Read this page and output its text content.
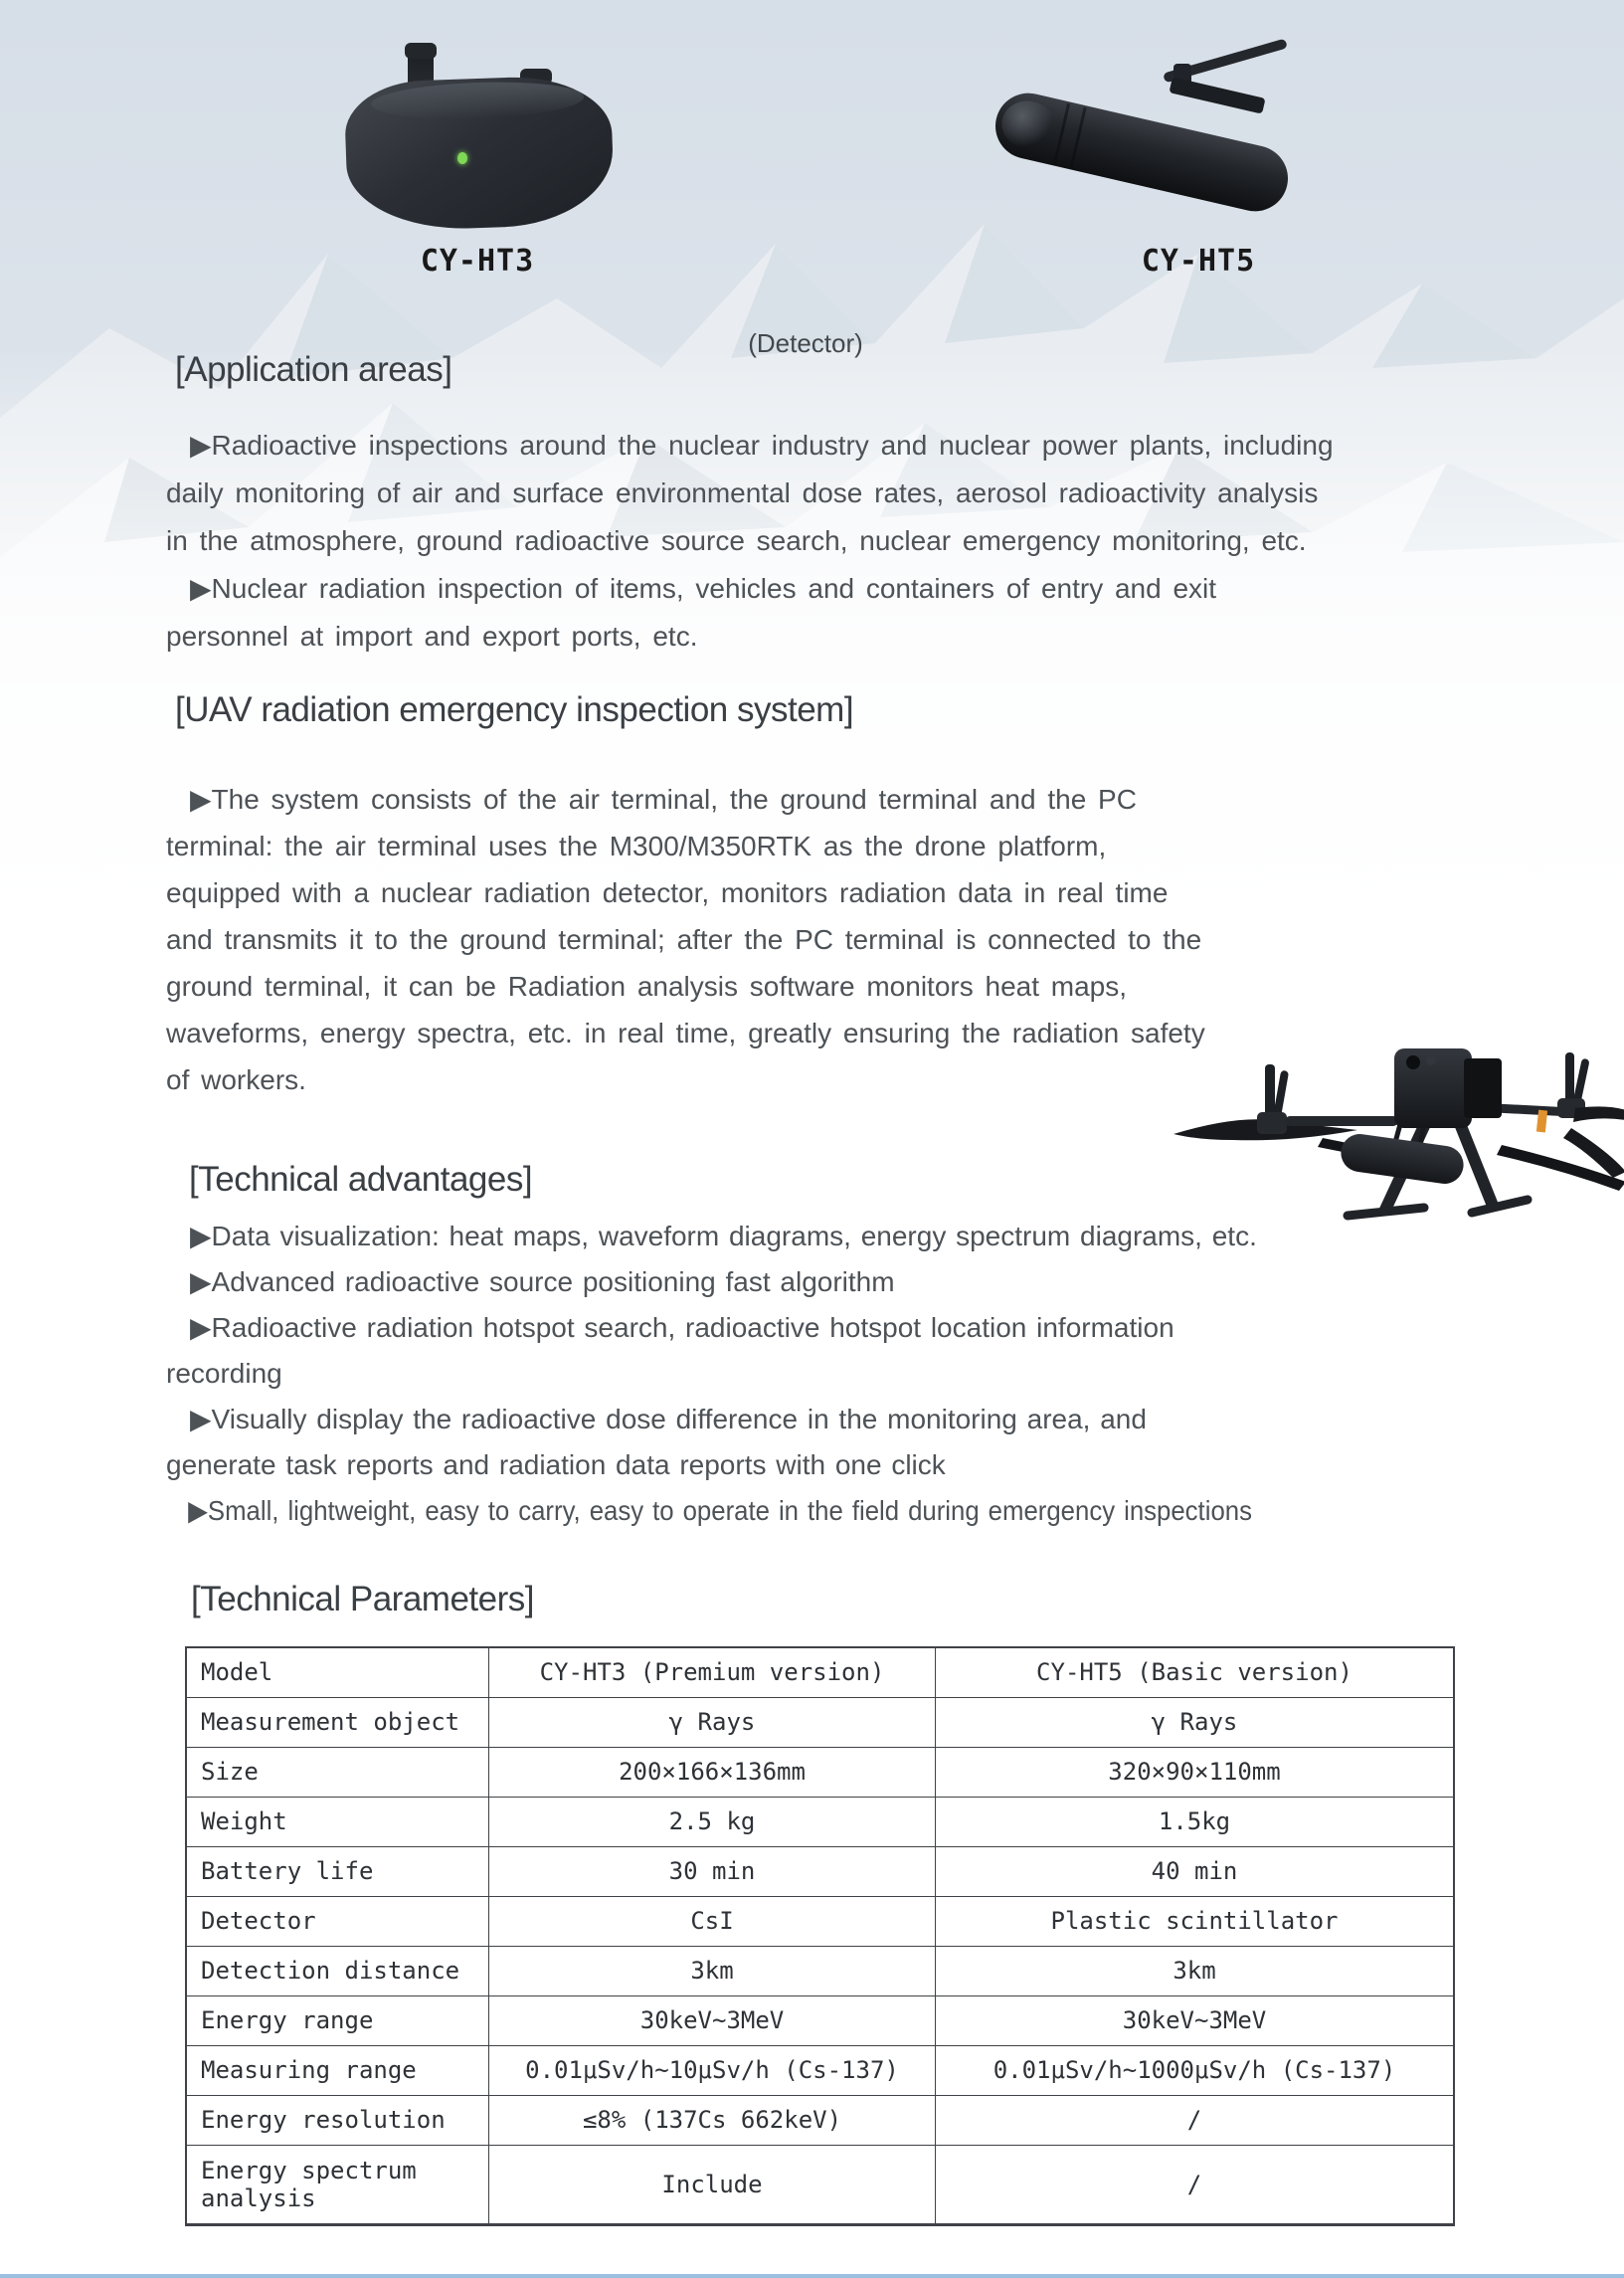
CY-HT3	CY-HT5
(Detector)
[Application areas]
▶Radioactive inspections around the nuclear industry and nuclear power plants, including
daily monitoring of air and surface environmental dose rates, aerosol radioactivity analysis
in the atmosphere, ground radioactive source search, nuclear emergency monitoring, etc.
▶Nuclear radiation inspection of items, vehicles and containers of entry and exit
personnel at import and export ports, etc.
[UAV radiation emergency inspection system]
▶The system consists of the air terminal, the ground terminal and the PC
terminal: the air terminal uses the M300/M350RTK as the drone platform,
equipped with a nuclear radiation detector, monitors radiation data in real time
and transmits it to the ground terminal; after the PC terminal is connected to the
ground terminal, it can be Radiation analysis software monitors heat maps,
waveforms, energy spectra, etc. in real time, greatly ensuring the radiation safety
of workers.
[Technical advantages]
▶Data visualization: heat maps, waveform diagrams, energy spectrum diagrams, etc.
▶Advanced radioactive source positioning fast algorithm
▶Radioactive radiation hotspot search, radioactive hotspot location information
recording
▶Visually display the radioactive dose difference in the monitoring area, and
generate task reports and radiation data reports with one click
▶Small, lightweight, easy to carry, easy to operate in the field during emergency inspections
[Technical Parameters]
Model	CY-HT3 (Premium version)	CY-HT5 (Basic version)
Measurement object	γ Rays	γ Rays
Size	200×166×136mm	320×90×110mm
Weight	2.5 kg	1.5kg
Battery life	30 min	40 min
Detector	CsI	Plastic scintillator
Detection distance	3km	3km
Energy range	30keV~3MeV	30keV~3MeV
Measuring range	0.01μSv/h~10μSv/h (Cs-137)	0.01μSv/h~1000μSv/h (Cs-137)
Energy resolution	≤8% (137Cs 662keV)	/
Energy spectrum analysis	Include	/
